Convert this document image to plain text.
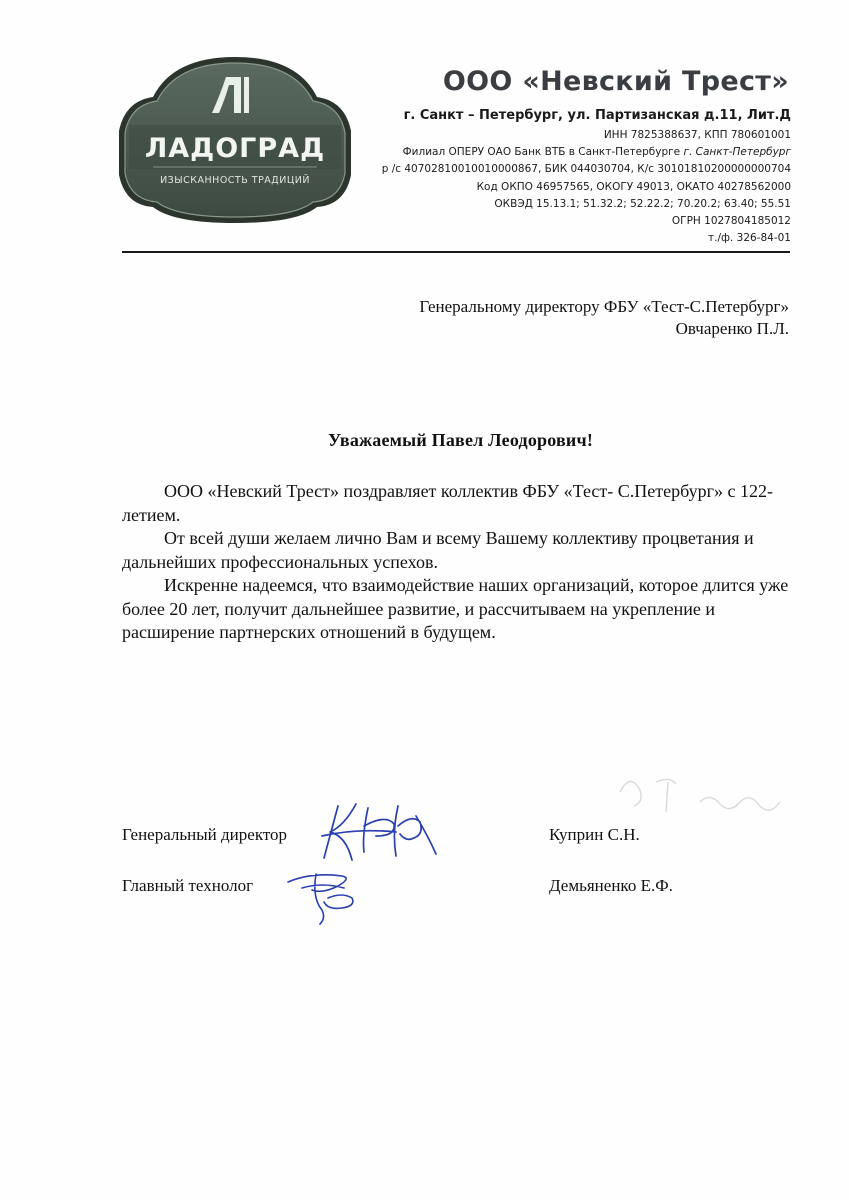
ЛАДОГРАД
ИЗЫСКАННОСТЬ ТРАДИЦИЙ
ООО «Невский Трест»
г. Санкт – Петербург, ул. Партизанская д.11, Лит.Д
ИНН 7825388637, КПП 780601001
Филиал ОПЕРУ ОАО Банк ВТБ в Санкт-Петербурге г. Санкт-Петербург
р /с 40702810010010000867, БИК 044030704, К/с 30101810200000000704
Код ОКПО 46957565, ОКОГУ 49013, ОКАТО 40278562000
ОКВЭД 15.13.1; 51.32.2; 52.22.2; 70.20.2; 63.40; 55.51
ОГРН 1027804185012
т./ф. 326-84-01
Генеральному директору ФБУ «Тест-С.Петербург»
Овчаренко П.Л.
Уважаемый Павел Леодорович!

ООО «Невский Трест» поздравляет коллектив ФБУ «Тест- С.Петербург» с 122-летием.

От всей души желаем лично Вам и всему Вашему коллективу процветания и дальнейших профессиональных успехов.

Искренне надеемся, что взаимодействие наших организаций, которое длится уже более 20 лет, получит дальнейшее развитие, и рассчитываем на укрепление и расширение партнерских отношений в будущем.

Генеральный директор	Куприн С.Н.
Главный технолог	Демьяненко Е.Ф.
